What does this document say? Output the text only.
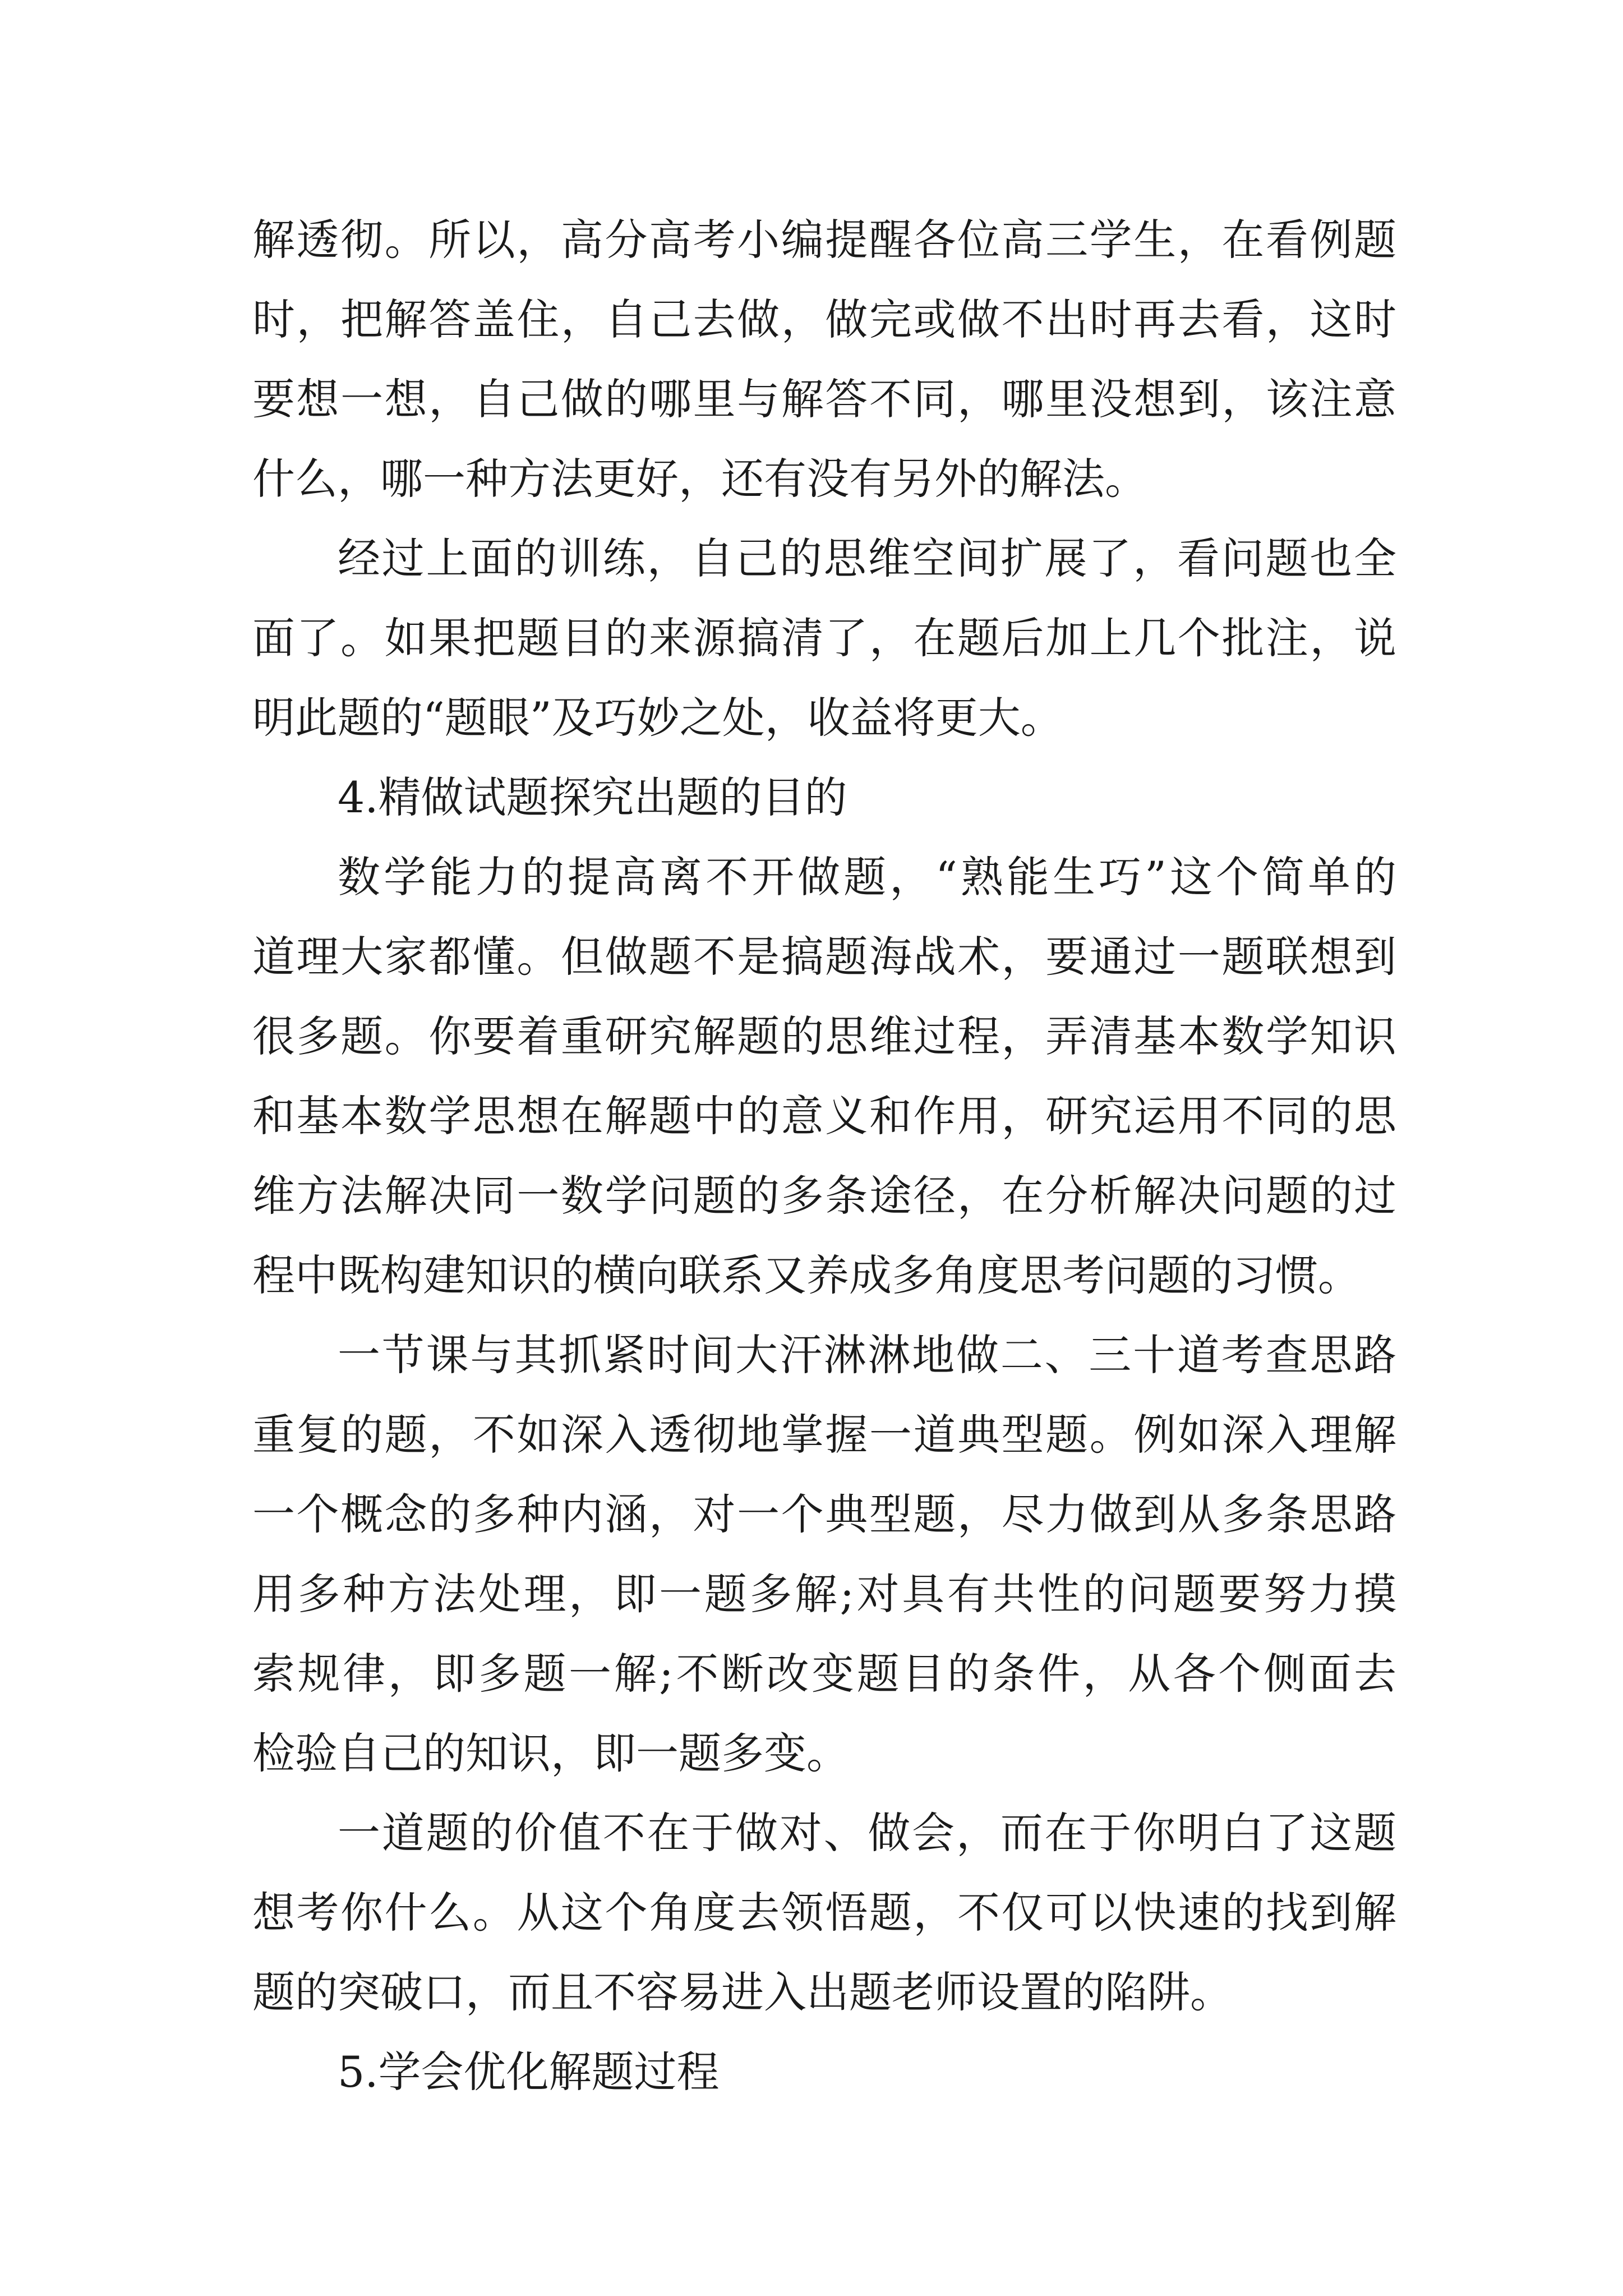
解透彻。所以，高分高考小编提醒各位高三学生，在看例题

时，把解答盖住，自己去做，做完或做不出时再去看，这时

要想一想，自己做的哪里与解答不同，哪里没想到，该注意

什么，哪一种方法更好，还有没有另外的解法。

经过上面的训练，自己的思维空间扩展了，看问题也全

面了。如果把题目的来源搞清了，在题后加上几个批注，说

明此题的“题眼”及巧妙之处，收益将更大。

4.精做试题探究出题的目的

数学能力的提高离不开做题，“熟能生巧”这个简单的

道理大家都懂。但做题不是搞题海战术，要通过一题联想到

很多题。你要着重研究解题的思维过程，弄清基本数学知识

和基本数学思想在解题中的意义和作用，研究运用不同的思

维方法解决同一数学问题的多条途径，在分析解决问题的过

程中既构建知识的横向联系又养成多角度思考问题的习惯。

一节课与其抓紧时间大汗淋淋地做二、三十道考查思路

重复的题，不如深入透彻地掌握一道典型题。例如深入理解

一个概念的多种内涵，对一个典型题，尽力做到从多条思路

用多种方法处理，即一题多解;对具有共性的问题要努力摸

索规律，即多题一解;不断改变题目的条件，从各个侧面去

检验自己的知识，即一题多变。

一道题的价值不在于做对、做会，而在于你明白了这题

想考你什么。从这个角度去领悟题，不仅可以快速的找到解

题的突破口，而且不容易进入出题老师设置的陷阱。

5.学会优化解题过程
